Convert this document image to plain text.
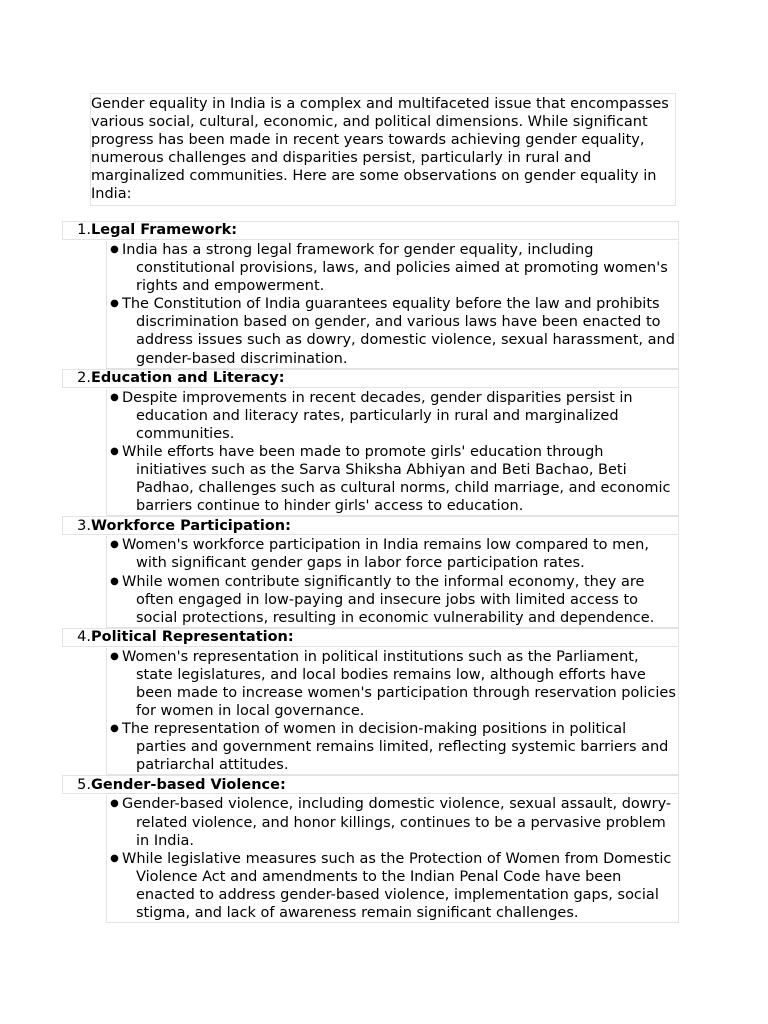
Gender equality in India is a complex and multifaceted issue that encompasses various social, cultural, economic, and political dimensions. While significant progress has been made in recent years towards achieving gender equality, numerous challenges and disparities persist, particularly in rural and marginalized communities. Here are some observations on gender equality in India:
1. Legal Framework:
● India has a strong legal framework for gender equality, including constitutional provisions, laws, and policies aimed at promoting women's rights and empowerment.
● The Constitution of India guarantees equality before the law and prohibits discrimination based on gender, and various laws have been enacted to address issues such as dowry, domestic violence, sexual harassment, and gender-based discrimination.
2. Education and Literacy:
● Despite improvements in recent decades, gender disparities persist in education and literacy rates, particularly in rural and marginalized communities.
● While efforts have been made to promote girls' education through initiatives such as the Sarva Shiksha Abhiyan and Beti Bachao, Beti Padhao, challenges such as cultural norms, child marriage, and economic barriers continue to hinder girls' access to education.
3. Workforce Participation:
● Women's workforce participation in India remains low compared to men, with significant gender gaps in labor force participation rates.
● While women contribute significantly to the informal economy, they are often engaged in low-paying and insecure jobs with limited access to social protections, resulting in economic vulnerability and dependence.
4. Political Representation:
● Women's representation in political institutions such as the Parliament, state legislatures, and local bodies remains low, although efforts have been made to increase women's participation through reservation policies for women in local governance.
● The representation of women in decision-making positions in political parties and government remains limited, reflecting systemic barriers and patriarchal attitudes.
5. Gender-based Violence:
● Gender-based violence, including domestic violence, sexual assault, dowry-related violence, and honor killings, continues to be a pervasive problem in India.
● While legislative measures such as the Protection of Women from Domestic Violence Act and amendments to the Indian Penal Code have been enacted to address gender-based violence, implementation gaps, social stigma, and lack of awareness remain significant challenges.
